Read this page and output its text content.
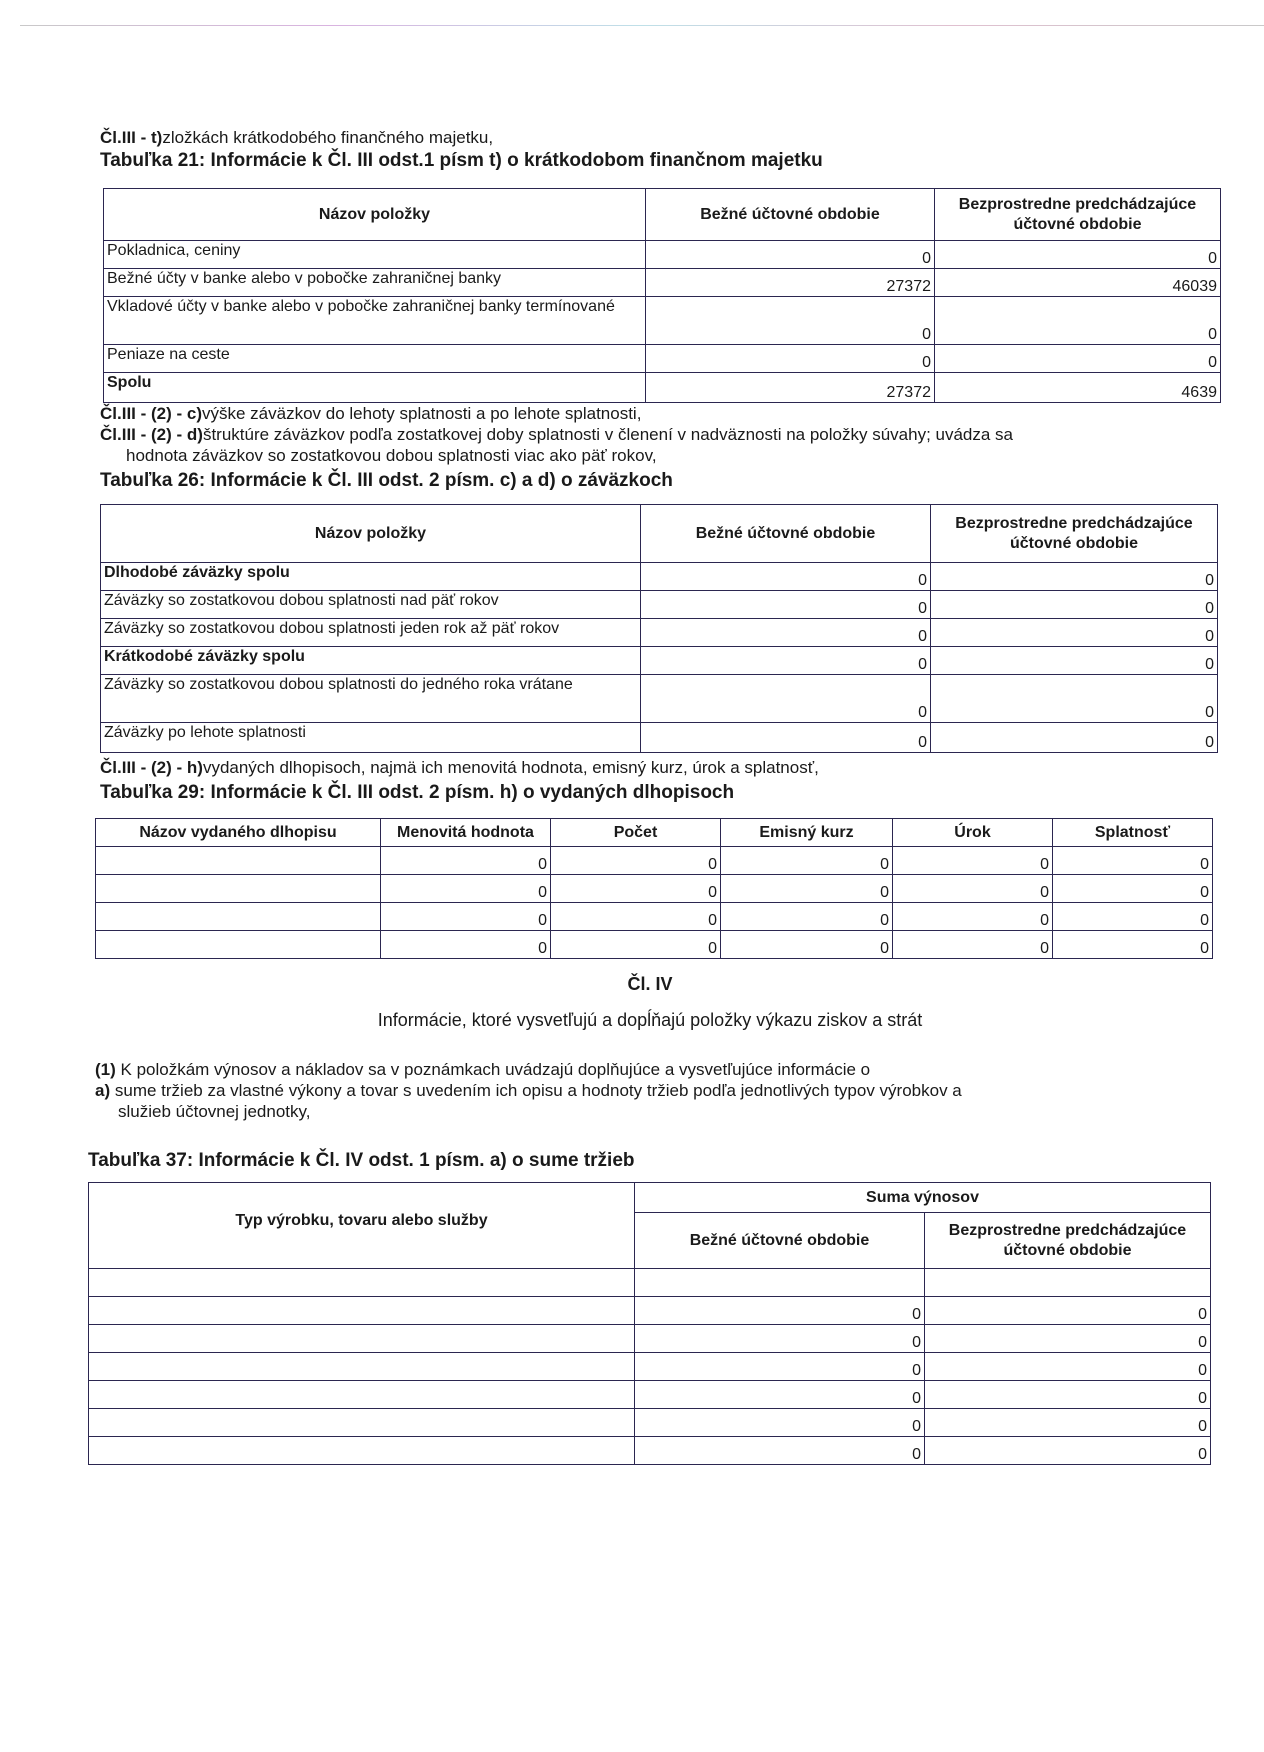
Čl.III - t)zložkách krátkodobého finančného majetku,
Tabuľka 21: Informácie k Čl. III odst.1 písm t) o krátkodobom finančnom majetku
Názov položky	Bežné účtovné obdobie	Bezprostredne predchádzajúce účtovné obdobie
Pokladnica, ceniny	0	0
Bežné účty v banke alebo v pobočke zahraničnej banky	27372	46039
Vkladové účty v banke alebo v pobočke zahraničnej banky termínované	0	0
Peniaze na ceste	0	0
Spolu	27372	4639
Čl.III - (2) - c)výške záväzkov do lehoty splatnosti a po lehote splatnosti,
Čl.III - (2) - d)štruktúre záväzkov podľa zostatkovej doby splatnosti v členení v nadväznosti na položky súvahy; uvádza sa
hodnota záväzkov so zostatkovou dobou splatnosti viac ako päť rokov,
Tabuľka 26: Informácie k Čl. III odst. 2 písm. c) a d) o záväzkoch
Názov položky	Bežné účtovné obdobie	Bezprostredne predchádzajúce účtovné obdobie
Dlhodobé záväzky spolu	0	0
Záväzky so zostatkovou dobou splatnosti nad päť rokov	0	0
Záväzky so zostatkovou dobou splatnosti jeden rok až päť rokov	0	0
Krátkodobé záväzky spolu	0	0
Záväzky so zostatkovou dobou splatnosti do jedného roka vrátane	0	0
Záväzky po lehote splatnosti	0	0
Čl.III - (2) - h)vydaných dlhopisoch, najmä ich menovitá hodnota, emisný kurz, úrok a splatnosť,
Tabuľka 29: Informácie k Čl. III odst. 2 písm. h) o vydaných dlhopisoch
Názov vydaného dlhopisu	Menovitá hodnota	Počet	Emisný kurz	Úrok	Splatnosť
	0	0	0	0	0
	0	0	0	0	0
	0	0	0	0	0
	0	0	0	0	0
Čl. IV
Informácie, ktoré vysvetľujú a dopĺňajú položky výkazu ziskov a strát
(1) K položkám výnosov a nákladov sa v poznámkach uvádzajú doplňujúce a vysvetľujúce informácie o
a) sume tržieb za vlastné výkony a tovar s uvedením ich opisu a hodnoty tržieb podľa jednotlivých typov výrobkov a
služieb účtovnej jednotky,
Tabuľka 37: Informácie k Čl. IV odst. 1 písm. a) o sume tržieb
Typ výrobku, tovaru alebo služby	Suma výnosov	
	Bežné účtovné obdobie	Bezprostredne predchádzajúce účtovné obdobie

	0	0
	0	0
	0	0
	0	0
	0	0
	0	0
